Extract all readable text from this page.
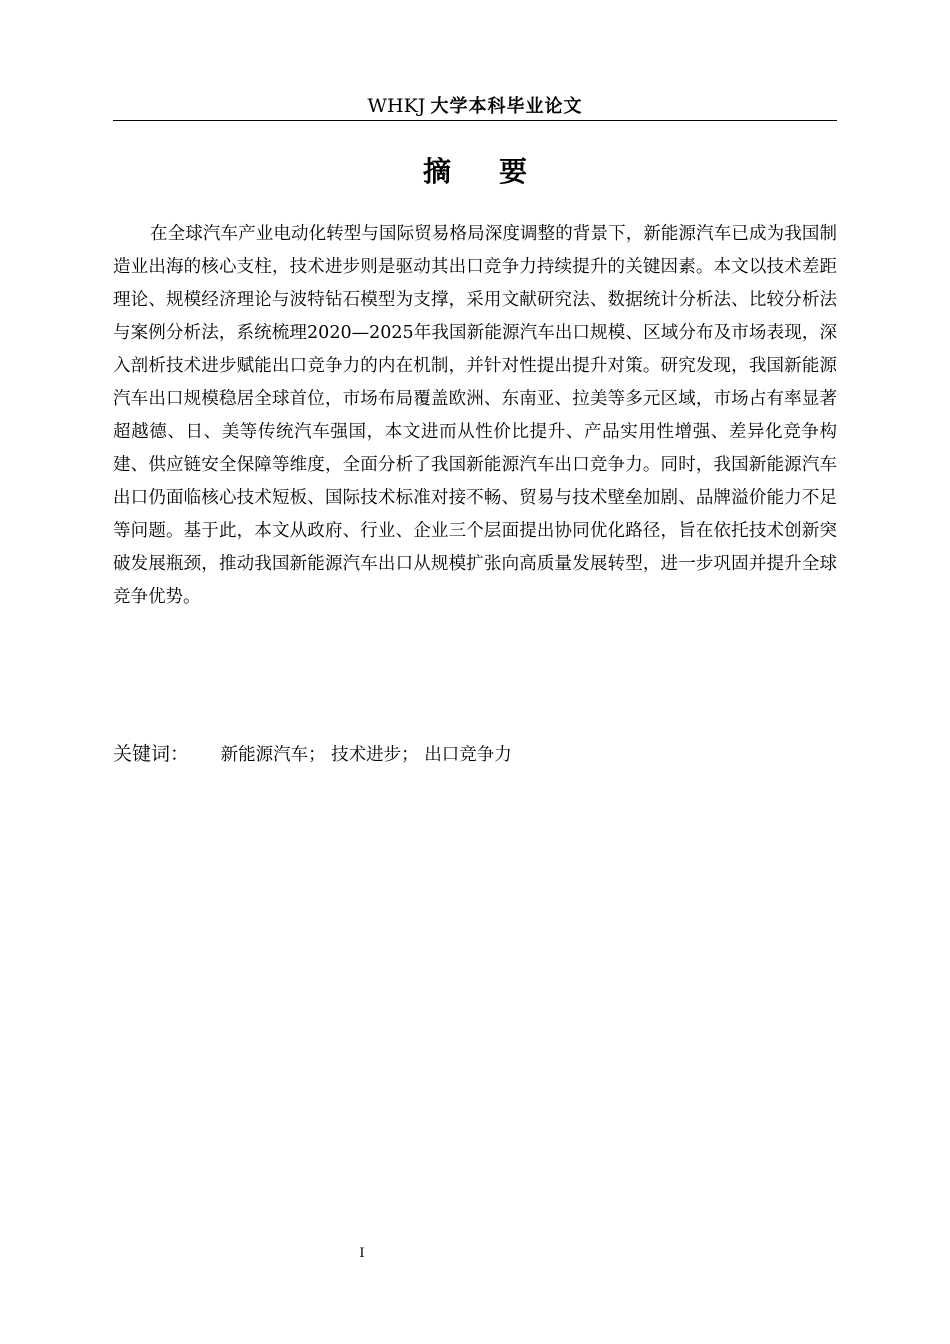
WHKJ 大学本科毕业论文
摘要
在全球汽车产业电动化转型与国际贸易格局深度调整的背景下，新能源汽车已成为我国制造业出海的核心支柱，技术进步则是驱动其出口竞争力持续提升的关键因素。本文以技术差距理论、规模经济理论与波特钻石模型为支撑，采用文献研究法、数据统计分析法、比较分析法与案例分析法，系统梳理2020—2025年我国新能源汽车出口规模、区域分布及市场表现，深入剖析技术进步赋能出口竞争力的内在机制，并针对性提出提升对策。研究发现，我国新能源汽车出口规模稳居全球首位，市场布局覆盖欧洲、东南亚、拉美等多元区域，市场占有率显著超越德、日、美等传统汽车强国，本文进而从性价比提升、产品实用性增强、差异化竞争构建、供应链安全保障等维度，全面分析了我国新能源汽车出口竞争力。同时，我国新能源汽车出口仍面临核心技术短板、国际技术标准对接不畅、贸易与技术壁垒加剧、品牌溢价能力不足等问题。基于此，本文从政府、行业、企业三个层面提出协同优化路径，旨在依托技术创新突破发展瓶颈，推动我国新能源汽车出口从规模扩张向高质量发展转型，进一步巩固并提升全球竞争优势。
关键词： 新能源汽车； 技术进步； 出口竞争力
I
